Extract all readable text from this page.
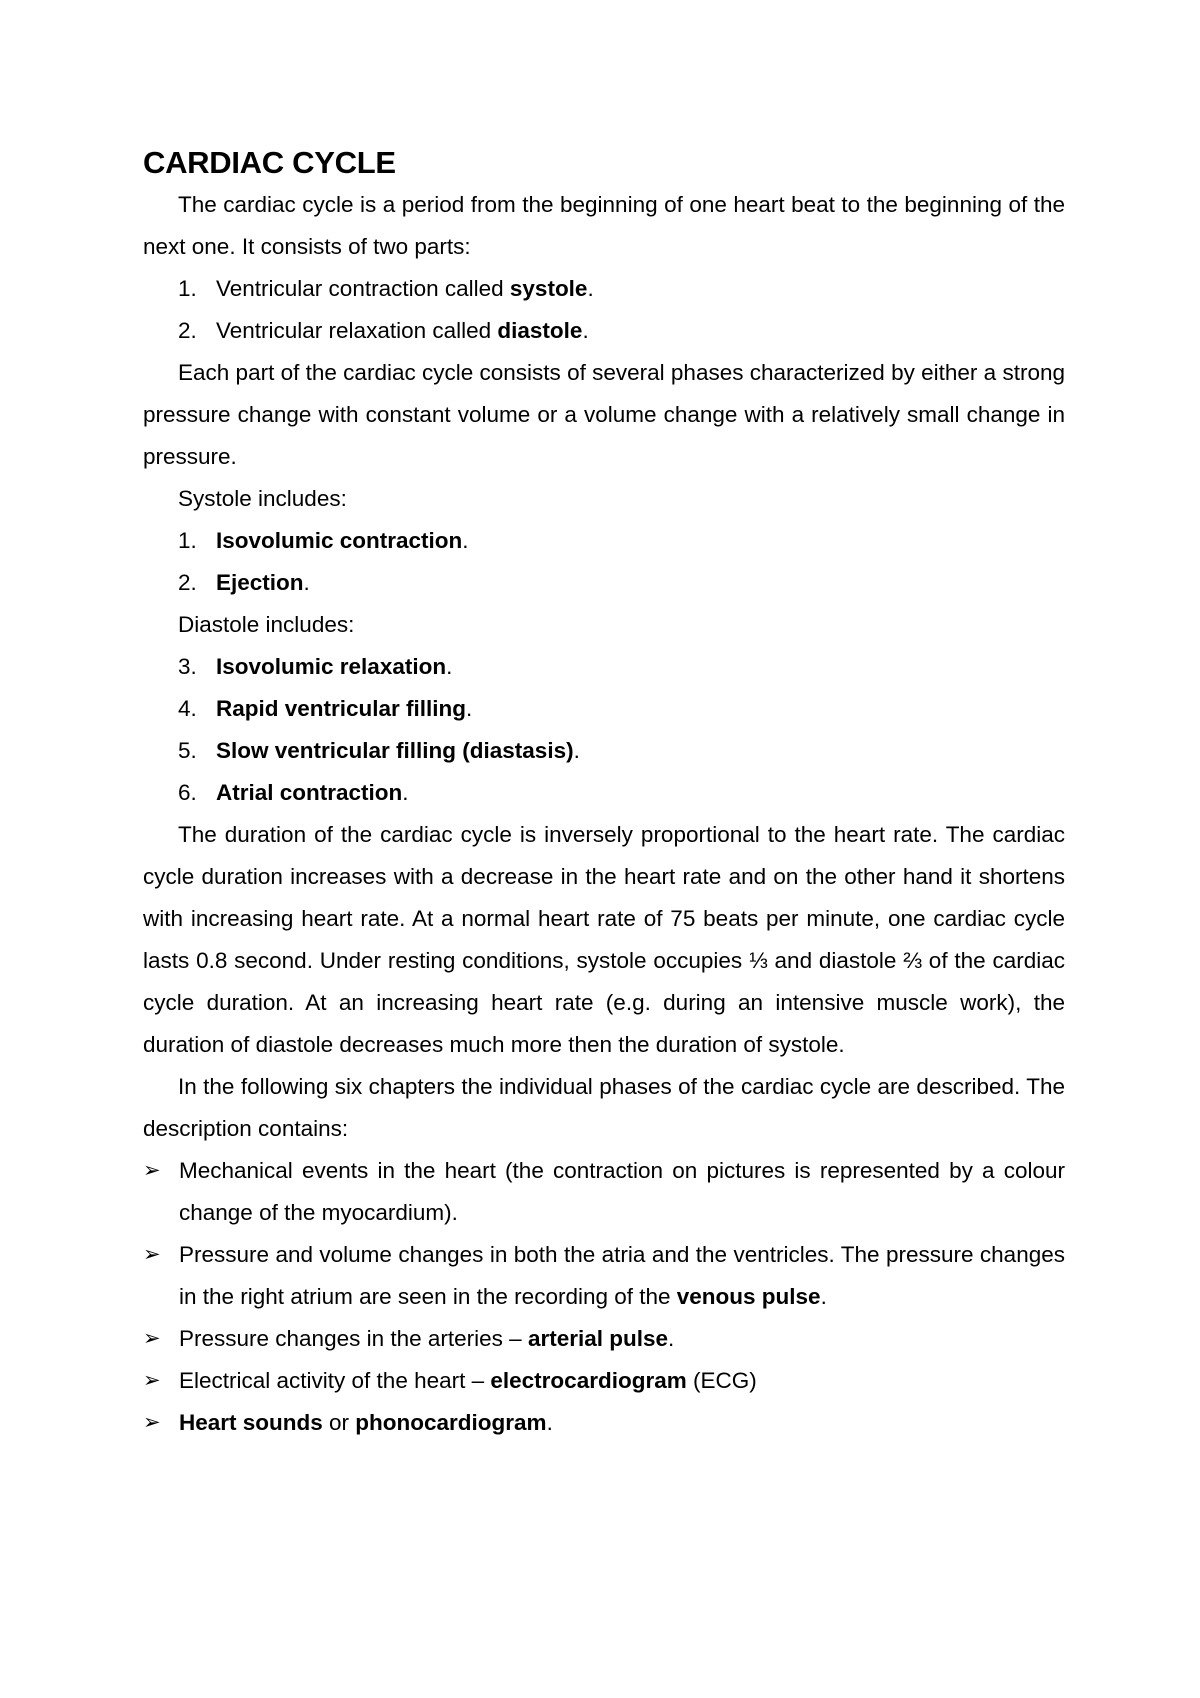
CARDIAC CYCLE

The cardiac cycle is a period from the beginning of one heart beat to the beginning of the next one. It consists of two parts:

1. Ventricular contraction called systole.
2. Ventricular relaxation called diastole.

Each part of the cardiac cycle consists of several phases characterized by either a strong pressure change with constant volume or a volume change with a relatively small change in pressure.

Systole includes:

1. Isovolumic contraction.
2. Ejection.

Diastole includes:

3. Isovolumic relaxation.
4. Rapid ventricular filling.
5. Slow ventricular filling (diastasis).
6. Atrial contraction.

The duration of the cardiac cycle is inversely proportional to the heart rate. The cardiac cycle duration increases with a decrease in the heart rate and on the other hand it shortens with increasing heart rate. At a normal heart rate of 75 beats per minute, one cardiac cycle lasts 0.8 second. Under resting conditions, systole occupies ⅓ and diastole ⅔ of the cardiac cycle duration. At an increasing heart rate (e.g. during an intensive muscle work), the duration of diastole decreases much more then the duration of systole.

In the following six chapters the individual phases of the cardiac cycle are described. The description contains:

➢ Mechanical events in the heart (the contraction on pictures is represented by a colour change of the myocardium).
➢ Pressure and volume changes in both the atria and the ventricles. The pressure changes in the right atrium are seen in the recording of the venous pulse.
➢ Pressure changes in the arteries – arterial pulse.
➢ Electrical activity of the heart – electrocardiogram (ECG)
➢ Heart sounds or phonocardiogram.
